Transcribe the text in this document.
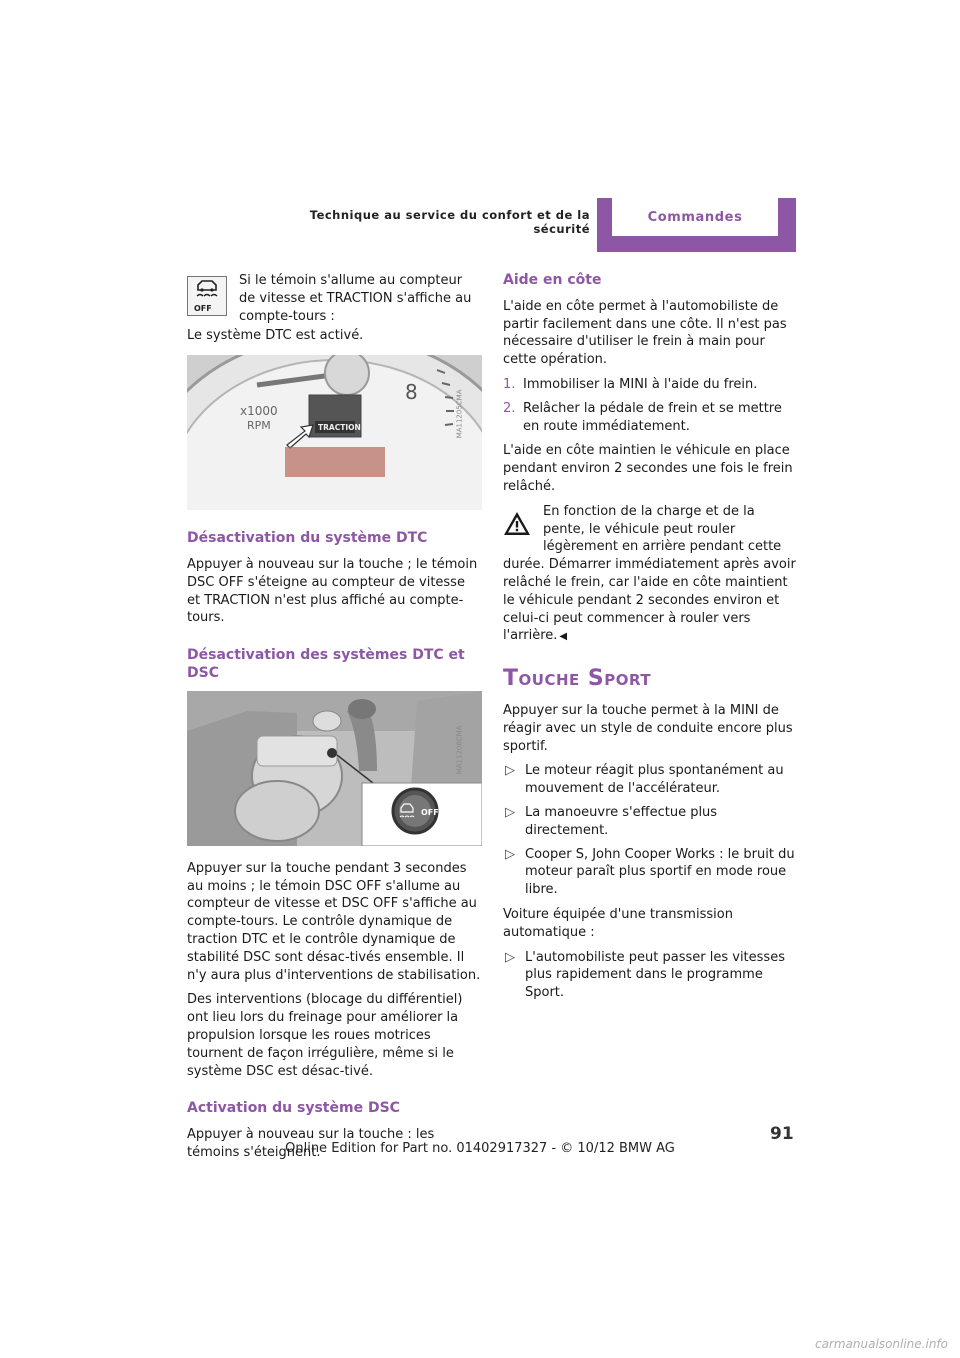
Technique au service du confort et de la sécurité
Commandes
OFF

Si le témoin s'allume au compteur de vitesse et TRACTION s'affiche au compte-tours :

Le système DTC est activé.

8
x1000
RPM	TRACTION	MA11205CMA
Désactivation du système DTC

Appuyer à nouveau sur la touche ; le témoin DSC OFF s'éteigne au compteur de vitesse et TRACTION n'est plus affiché au compte-tours.

Désactivation des systèmes DTC et DSC
OFF
MA11208CMA

Appuyer sur la touche pendant 3 secondes au moins ; le témoin DSC OFF s'allume au compteur de vitesse et DSC OFF s'affiche au compte-tours. Le contrôle dynamique de traction DTC et le contrôle dynamique de stabilité DSC sont désac-tivés ensemble. Il n'y aura plus d'interventions de stabilisation.

Des interventions (blocage du différentiel) ont lieu lors du freinage pour améliorer la propulsion lorsque les roues motrices tournent de façon irrégulière, même si le système DSC est désac-tivé.

Activation du système DSC

Appuyer à nouveau sur la touche : les témoins s'éteignent.

Aide en côte

L'aide en côte permet à l'automobiliste de partir facilement dans une côte. Il n'est pas nécessaire d'utiliser le frein à main pour cette opération.

1. Immobiliser la MINI à l'aide du frein.
2. Relâcher la pédale de frein et se mettre en route immédiatement.

L'aide en côte maintien le véhicule en place pendant environ 2 secondes une fois le frein relâché.

En fonction de la charge et de la pente, le véhicule peut rouler légèrement en arrière pendant cette durée. Démarrer immédiatement après avoir relâché le frein, car l'aide en côte maintient le véhicule pendant 2 secondes environ et celui-ci peut commencer à rouler vers l'arrière. ◀
Touche Sport

Appuyer sur la touche permet à la MINI de réagir avec un style de conduite encore plus sportif.

▷ Le moteur réagit plus spontanément au mouvement de l'accélérateur.
▷ La manoeuvre s'effectue plus directement.
▷ Cooper S, John Cooper Works : le bruit du moteur paraît plus sportif en mode roue libre.

Voiture équipée d'une transmission automatique :

▷ L'automobiliste peut passer les vitesses plus rapidement dans le programme Sport.
91
Online Edition for Part no. 01402917327 - © 10/12 BMW AG
carmanualsonline.info
